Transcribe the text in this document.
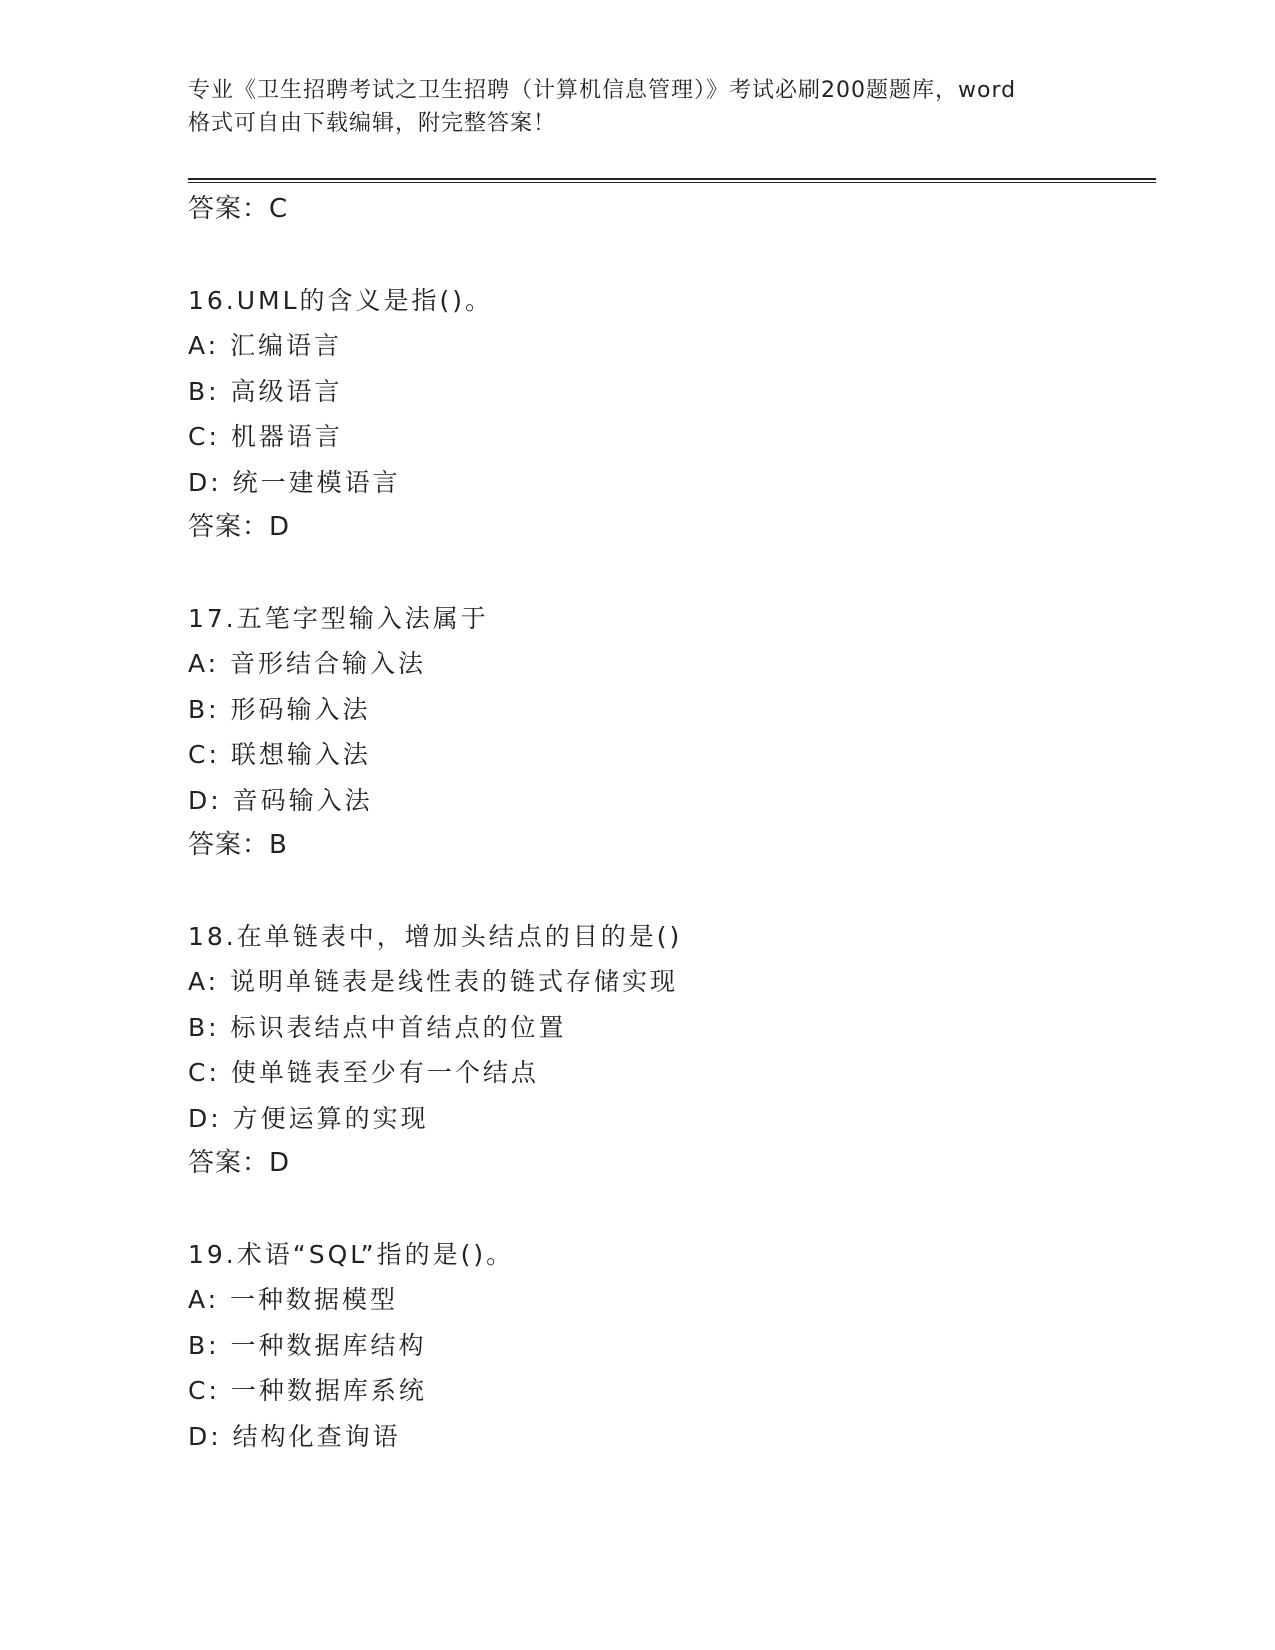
专业《卫生招聘考试之卫生招聘（计算机信息管理）》考试必刷200题题库，word
格式可自由下载编辑，附完整答案！
答案：C
16.UML的含义是指()。
A: 汇编语言
B: 高级语言
C: 机器语言
D: 统一建模语言
答案：D
17.五笔字型输入法属于
A: 音形结合输入法
B: 形码输入法
C: 联想输入法
D: 音码输入法
答案：B
18.在单链表中，增加头结点的目的是()
A: 说明单链表是线性表的链式存储实现
B: 标识表结点中首结点的位置
C: 使单链表至少有一个结点
D: 方便运算的实现
答案：D
19.术语“SQL”指的是()。
A: 一种数据模型
B: 一种数据库结构
C: 一种数据库系统
D: 结构化查询语
